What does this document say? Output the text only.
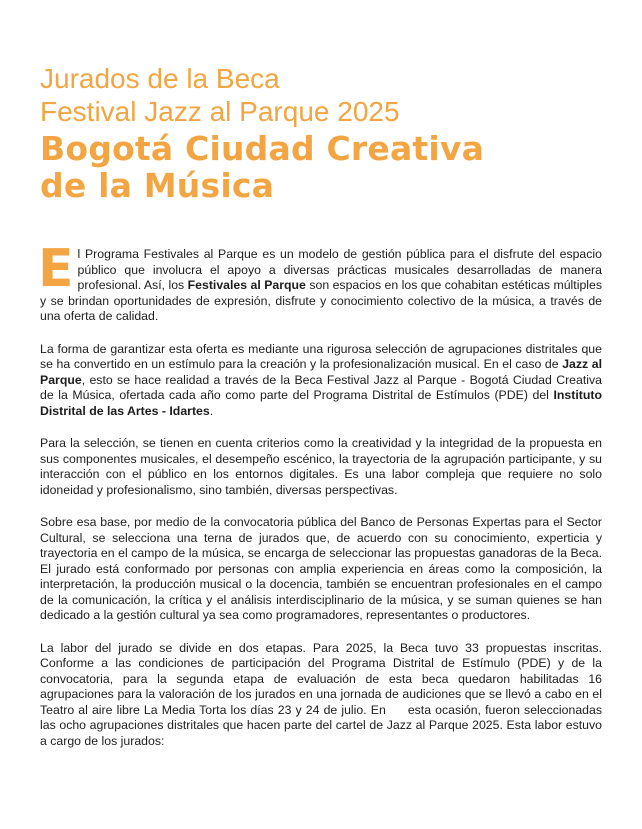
Jurados de la Beca
Festival Jazz al Parque 2025
Bogotá Ciudad Creativa
de la Música

El Programa Festivales al Parque es un modelo de gestión pública para el disfrute del espacio público que involucra el apoyo a diversas prácticas musicales desarrolladas de manera profesional. Así, los Festivales al Parque son espacios en los que cohabitan estéticas múltiples y se brindan oportunidades de expresión, disfrute y conocimiento colectivo de la música, a través de una oferta de calidad.

La forma de garantizar esta oferta es mediante una rigurosa selección de agrupaciones distritales que se ha convertido en un estímulo para la creación y la profesionalización musical. En el caso de Jazz al Parque, esto se hace realidad a través de la Beca Festival Jazz al Parque - Bogotá Ciudad Creativa de la Música, ofertada cada año como parte del Programa Distrital de Estímulos (PDE) del Instituto Distrital de las Artes - Idartes.

Para la selección, se tienen en cuenta criterios como la creatividad y la integridad de la propuesta en sus componentes musicales, el desempeño escénico, la trayectoria de la agrupación participante, y su interacción con el público en los entornos digitales. Es una labor compleja que requiere no solo idoneidad y profesionalismo, sino también, diversas perspectivas.

Sobre esa base, por medio de la convocatoria pública del Banco de Personas Expertas para el Sector Cultural, se selecciona una terna de jurados que, de acuerdo con su conocimiento, experticia y trayectoria en el campo de la música, se encarga de seleccionar las propuestas ganadoras de la Beca. El jurado está conformado por personas con amplia experiencia en áreas como la composición, la interpretación, la producción musical o la docencia, también se encuentran profesionales en el campo de la comunicación, la crítica y el análisis interdisciplinario de la música, y se suman quienes se han dedicado a la gestión cultural ya sea como programadores, representantes o productores.

La labor del jurado se divide en dos etapas. Para 2025, la Beca tuvo 33 propuestas inscritas. Conforme a las condiciones de participación del Programa Distrital de Estímulo (PDE) y de la convocatoria, para la segunda etapa de evaluación de esta beca quedaron habilitadas 16 agrupaciones para la valoración de los jurados en una jornada de audiciones que se llevó a cabo en el Teatro al aire libre La Media Torta los días 23 y 24 de julio. En esta ocasión, fueron seleccionadas las ocho agrupaciones distritales que hacen parte del cartel de Jazz al Parque 2025. Esta labor estuvo a cargo de los jurados:
